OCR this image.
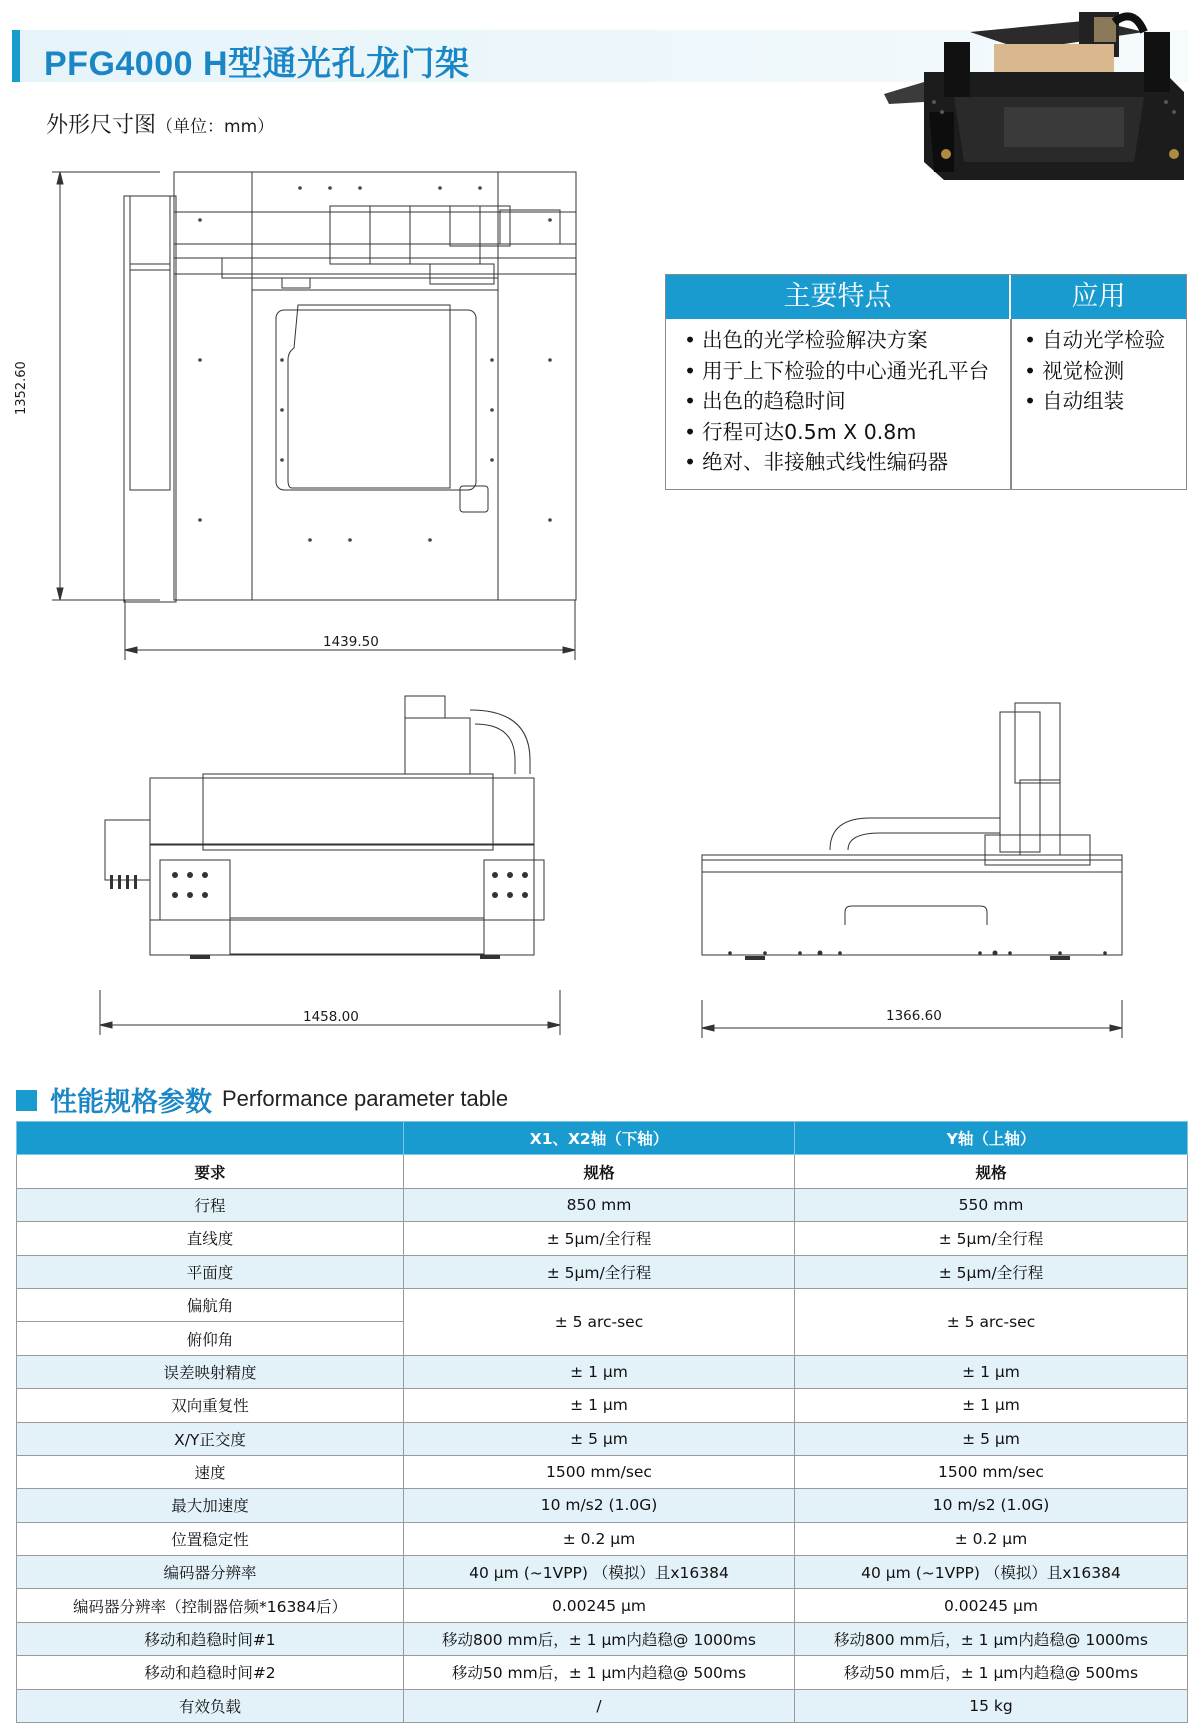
PFG4000 H型通光孔龙门架
外形尺寸图（单位：mm）
1352.60
1439.50
主要特点	应用
• 出色的光学检验解决方案
• 用于上下检验的中心通光孔平台
• 出色的趋稳时间
• 行程可达0.5m X 0.8m
• 绝对、非接触式线性编码器
• 自动光学检验
• 视觉检测
• 自动组装
1458.00	1366.60
性能规格参数 Performance parameter table
	X1、X2轴（下轴）	Y轴（上轴）
要求	规格	规格
行程	850 mm	550 mm
直线度	± 5μm/全行程	± 5μm/全行程
平面度	± 5μm/全行程	± 5μm/全行程
偏航角	± 5 arc-sec	± 5 arc-sec
俯仰角		
误差映射精度	± 1 μm	± 1 μm
双向重复性	± 1 μm	± 1 μm
X/Y正交度	± 5 μm	± 5 μm
速度	1500 mm/sec	1500 mm/sec
最大加速度	10 m/s2 (1.0G)	10 m/s2 (1.0G)
位置稳定性	± 0.2 μm	± 0.2 μm
编码器分辨率	40 μm (~1VPP) （模拟）且x16384	40 μm (~1VPP) （模拟）且x16384
编码器分辨率（控制器倍频*16384后）	0.00245 μm	0.00245 μm
移动和趋稳时间#1	移动800 mm后，± 1 μm内趋稳@ 1000ms	移动800 mm后，± 1 μm内趋稳@ 1000ms
移动和趋稳时间#2	移动50 mm后，± 1 μm内趋稳@ 500ms	移动50 mm后，± 1 μm内趋稳@ 500ms
有效负载	/	15 kg
